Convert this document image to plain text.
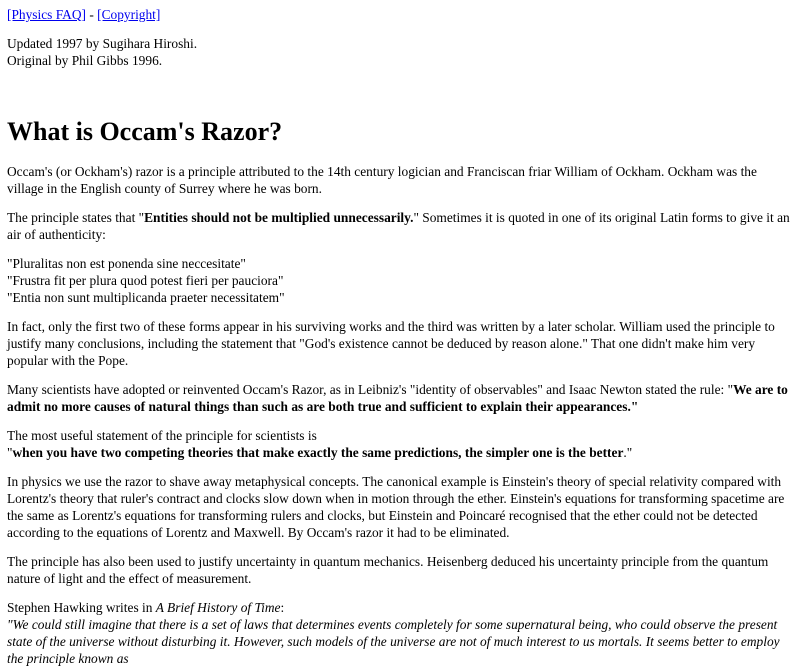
[Physics FAQ] - [Copyright]

Updated 1997 by Sugihara Hiroshi.
Original by Phil Gibbs 1996.

What is Occam's Razor?

Occam's (or Ockham's) razor is a principle attributed to the 14th century logician and Franciscan friar William of Ockham. Ockham was the village in the English county of Surrey where he was born.

The principle states that "Entities should not be multiplied unnecessarily." Sometimes it is quoted in one of its original Latin forms to give it an air of authenticity:

"Pluralitas non est ponenda sine neccesitate"
"Frustra fit per plura quod potest fieri per pauciora"
"Entia non sunt multiplicanda praeter necessitatem"

In fact, only the first two of these forms appear in his surviving works and the third was written by a later scholar. William used the principle to justify many conclusions, including the statement that "God's existence cannot be deduced by reason alone." That one didn't make him very popular with the Pope.

Many scientists have adopted or reinvented Occam's Razor, as in Leibniz's "identity of observables" and Isaac Newton stated the rule: "We are to admit no more causes of natural things than such as are both true and sufficient to explain their appearances."

The most useful statement of the principle for scientists is
"when you have two competing theories that make exactly the same predictions, the simpler one is the better."

In physics we use the razor to shave away metaphysical concepts. The canonical example is Einstein's theory of special relativity compared with Lorentz's theory that ruler's contract and clocks slow down when in motion through the ether. Einstein's equations for transforming spacetime are the same as Lorentz's equations for transforming rulers and clocks, but Einstein and Poincaré recognised that the ether could not be detected according to the equations of Lorentz and Maxwell. By Occam's razor it had to be eliminated.

The principle has also been used to justify uncertainty in quantum mechanics. Heisenberg deduced his uncertainty principle from the quantum nature of light and the effect of measurement.

Stephen Hawking writes in A Brief History of Time:
"We could still imagine that there is a set of laws that determines events completely for some supernatural being, who could observe the present state of the universe without disturbing it. However, such models of the universe are not of much interest to us mortals. It seems better to employ the principle known as
